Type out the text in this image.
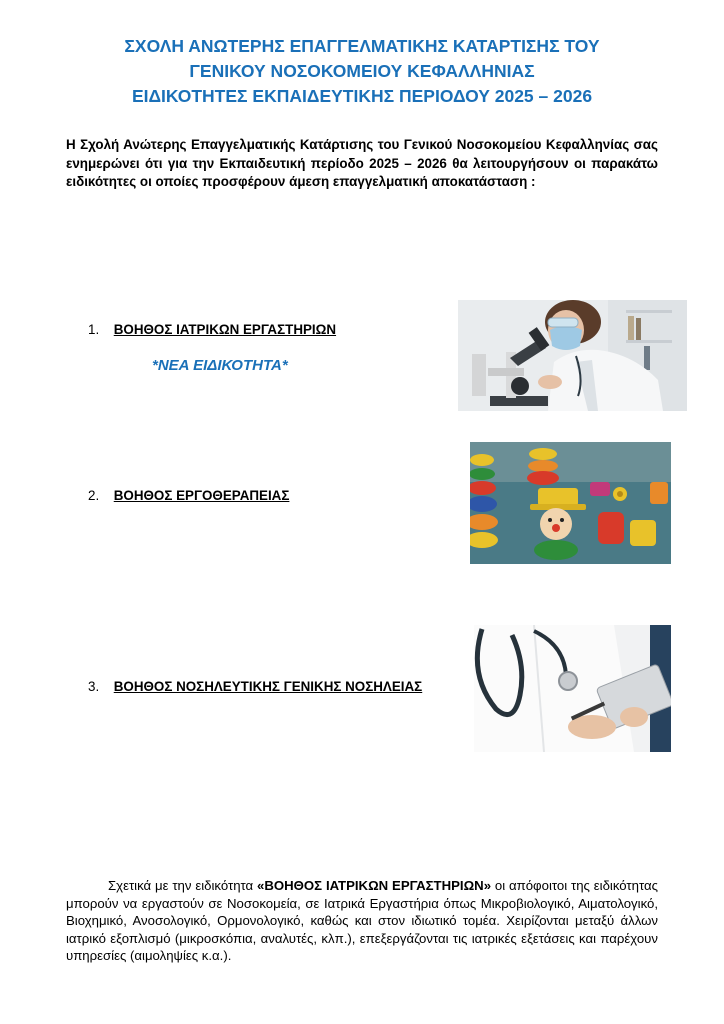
ΣΧΟΛΗ ΑΝΩΤΕΡΗΣ ΕΠΑΓΓΕΛΜΑΤΙΚΗΣ ΚΑΤΑΡΤΙΣΗΣ ΤΟΥ
ΓΕΝΙΚΟΥ ΝΟΣΟΚΟΜΕΙΟΥ ΚΕΦΑΛΛΗΝΙΑΣ
ΕΙΔΙΚΟΤΗΤΕΣ ΕΚΠΑΙΔΕΥΤΙΚΗΣ ΠΕΡΙΟΔΟΥ 2025 – 2026
Η Σχολή Ανώτερης Επαγγελματικής Κατάρτισης του Γενικού Νοσοκομείου Κεφαλληνίας σας ενημερώνει ότι για την Εκπαιδευτική περίοδο 2025 – 2026 θα λειτουργήσουν οι παρακάτω ειδικότητες οι οποίες προσφέρουν άμεση επαγγελματική αποκατάσταση :
1. ΒΟΗΘΟΣ ΙΑΤΡΙΚΩΝ ΕΡΓΑΣΤΗΡΙΩΝ
*ΝΕΑ ΕΙΔΙΚΟΤΗΤΑ*
2. ΒΟΗΘΟΣ ΕΡΓΟΘΕΡΑΠΕΙΑΣ
3. ΒΟΗΘΟΣ ΝΟΣΗΛΕΥΤΙΚΗΣ ΓΕΝΙΚΗΣ ΝΟΣΗΛΕΙΑΣ
Σχετικά με την ειδικότητα «ΒΟΗΘΟΣ ΙΑΤΡΙΚΩΝ ΕΡΓΑΣΤΗΡΙΩΝ» οι απόφοιτοι της ειδικότητας μπορούν να εργαστούν σε Νοσοκομεία, σε Ιατρικά Εργαστήρια όπως Μικροβιολογικό, Αιματολογικό, Βιοχημικό, Ανοσολογικό, Ορμονολογικό, καθώς και στον ιδιωτικό τομέα. Χειρίζονται μεταξύ άλλων ιατρικό εξοπλισμό (μικροσκόπια, αναλυτές, κλπ.), επεξεργάζονται τις ιατρικές εξετάσεις και παρέχουν υπηρεσίες (αιμοληψίες κ.α.).
